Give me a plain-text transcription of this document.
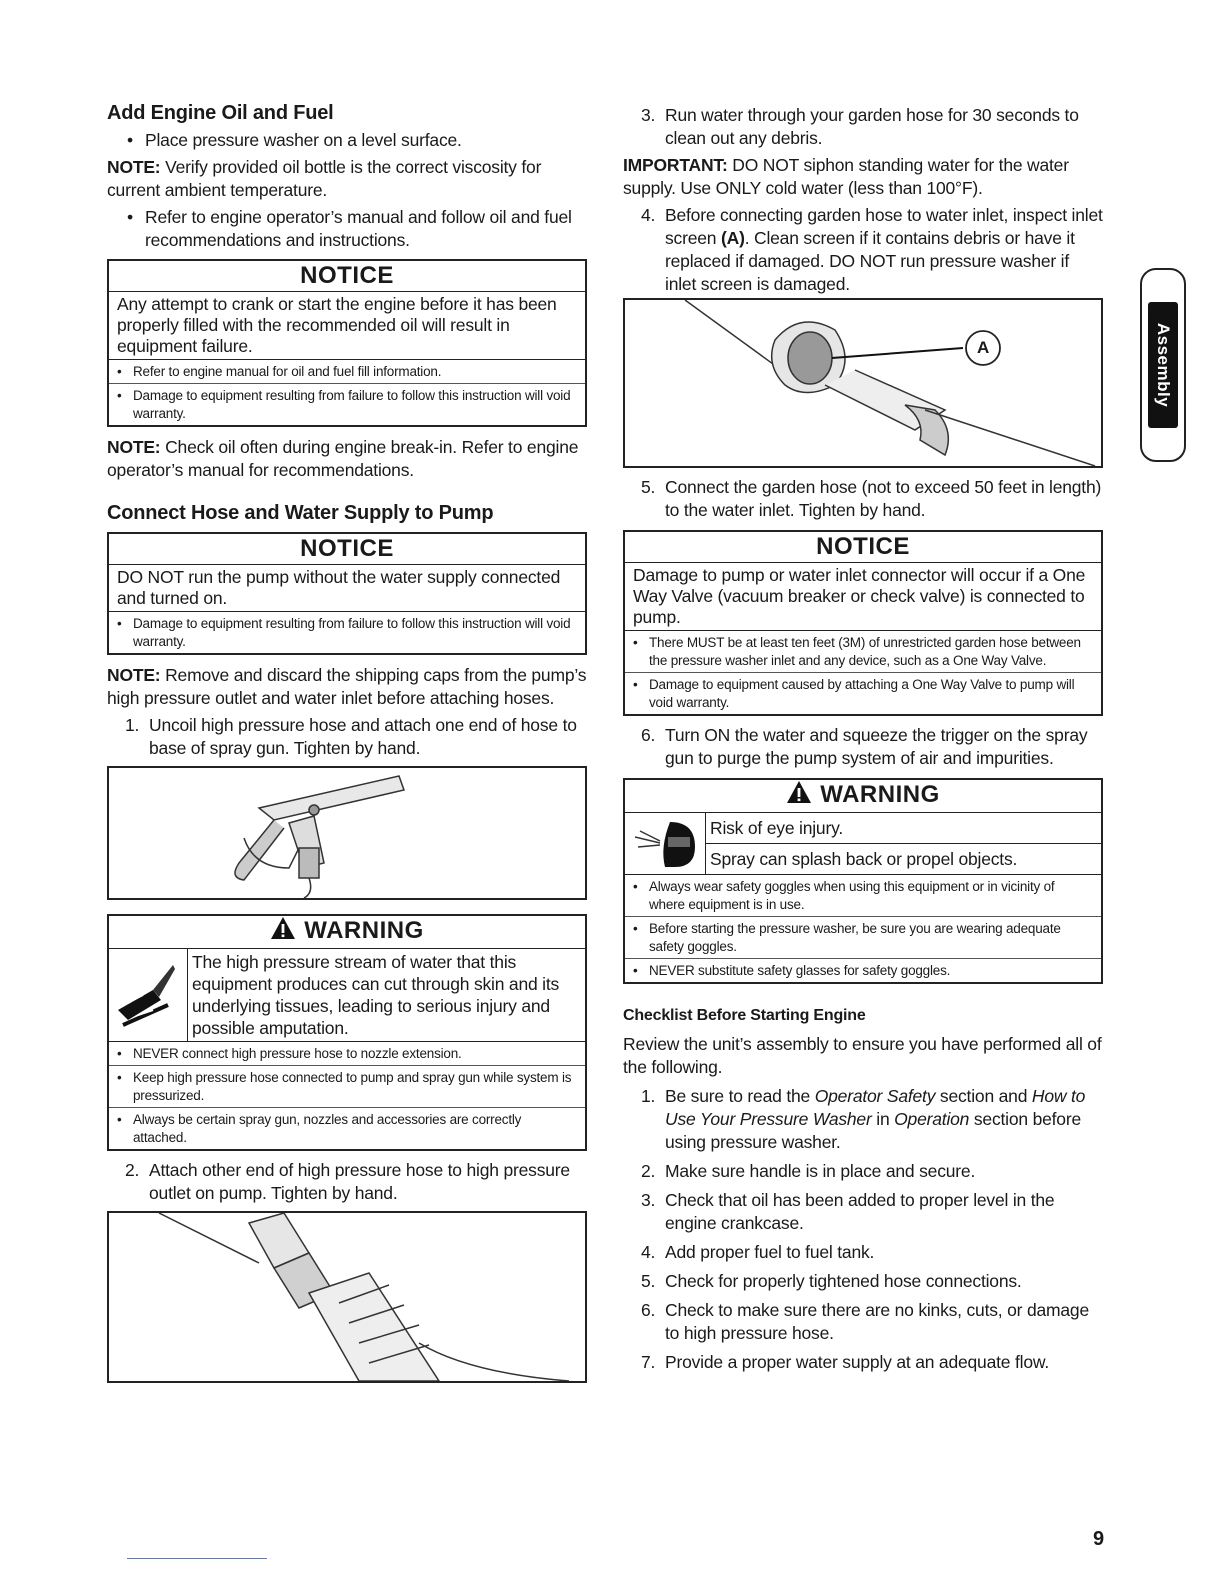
Add Engine Oil and Fuel

• Place pressure washer on a level surface.

NOTE: Verify provided oil bottle is the correct viscosity for current ambient temperature.

• Refer to engine operator’s manual and follow oil and fuel recommendations and instructions.

NOTICE
Any attempt to crank or start the engine before it has been properly filled with the recommended oil will result in equipment failure.
• Refer to engine manual for oil and fuel fill information.
• Damage to equipment resulting from failure to follow this instruction will void warranty.

NOTE: Check oil often during engine break-in. Refer to engine operator’s manual for recommendations.

Connect Hose and Water Supply to Pump
NOTICE
DO NOT run the pump without the water supply connected and turned on.
• Damage to equipment resulting from failure to follow this instruction will void warranty.

NOTE: Remove and discard the shipping caps from the pump’s high pressure outlet and water inlet before attaching hoses.

1. Uncoil high pressure hose and attach one end of hose to base of spray gun. Tighten by hand.

WARNING
The high pressure stream of water that this equipment produces can cut through skin and its underlying tissues, leading to serious injury and possible amputation.
• NEVER connect high pressure hose to nozzle extension.
• Keep high pressure hose connected to pump and spray gun while system is pressurized.
• Always be certain spray gun, nozzles and accessories are correctly attached.

2. Attach other end of high pressure hose to high pressure outlet on pump. Tighten by hand.

3. Run water through your garden hose for 30 seconds to clean out any debris.

IMPORTANT: DO NOT siphon standing water for the water supply. Use ONLY cold water (less than 100°F).

4. Before connecting garden hose to water inlet, inspect inlet screen (A). Clean screen if it contains debris or have it replaced if damaged. DO NOT run pressure washer if inlet screen is damaged.

A

5. Connect the garden hose (not to exceed 50 feet in length) to the water inlet. Tighten by hand.

NOTICE
Damage to pump or water inlet connector will occur if a One Way Valve (vacuum breaker or check valve) is connected to pump.
• There MUST be at least ten feet (3M) of unrestricted garden hose between the pressure washer inlet and any device, such as a One Way Valve.
• Damage to equipment caused by attaching a One Way Valve to pump will void warranty.

6. Turn ON the water and squeeze the trigger on the spray gun to purge the pump system of air and impurities.

WARNING
Risk of eye injury.
Spray can splash back or propel objects.
• Always wear safety goggles when using this equipment or in vicinity of where equipment is in use.
• Before starting the pressure washer, be sure you are wearing adequate safety goggles.
• NEVER substitute safety glasses for safety goggles.
Checklist Before Starting Engine

Review the unit’s assembly to ensure you have performed all of the following.

1. Be sure to read the Operator Safety section and How to Use Your Pressure Washer in Operation section before using pressure washer.

2. Make sure handle is in place and secure.

3. Check that oil has been added to proper level in the engine crankcase.

4. Add proper fuel to fuel tank.

5. Check for properly tightened hose connections.

6. Check to make sure there are no kinks, cuts, or damage to high pressure hose.

7. Provide a proper water supply at an adequate flow.

Assembly
9
